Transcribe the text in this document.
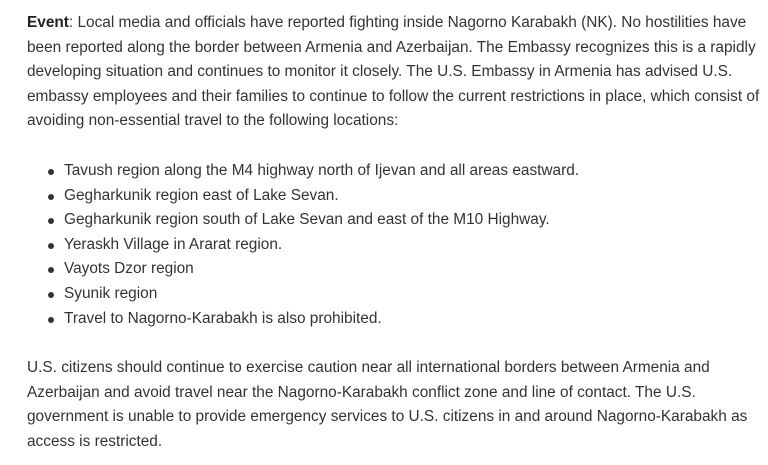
Event: Local media and officials have reported fighting inside Nagorno Karabakh (NK). No hostilities have been reported along the border between Armenia and Azerbaijan. The Embassy recognizes this is a rapidly developing situation and continues to monitor it closely. The U.S. Embassy in Armenia has advised U.S. embassy employees and their families to continue to follow the current restrictions in place, which consist of avoiding non-essential travel to the following locations:

Tavush region along the M4 highway north of Ijevan and all areas eastward.
Gegharkunik region east of Lake Sevan.
Gegharkunik region south of Lake Sevan and east of the M10 Highway.
Yeraskh Village in Ararat region.
Vayots Dzor region
Syunik region
Travel to Nagorno-Karabakh is also prohibited.

U.S. citizens should continue to exercise caution near all international borders between Armenia and Azerbaijan and avoid travel near the Nagorno-Karabakh conflict zone and line of contact. The U.S. government is unable to provide emergency services to U.S. citizens in and around Nagorno-Karabakh as access is restricted.
